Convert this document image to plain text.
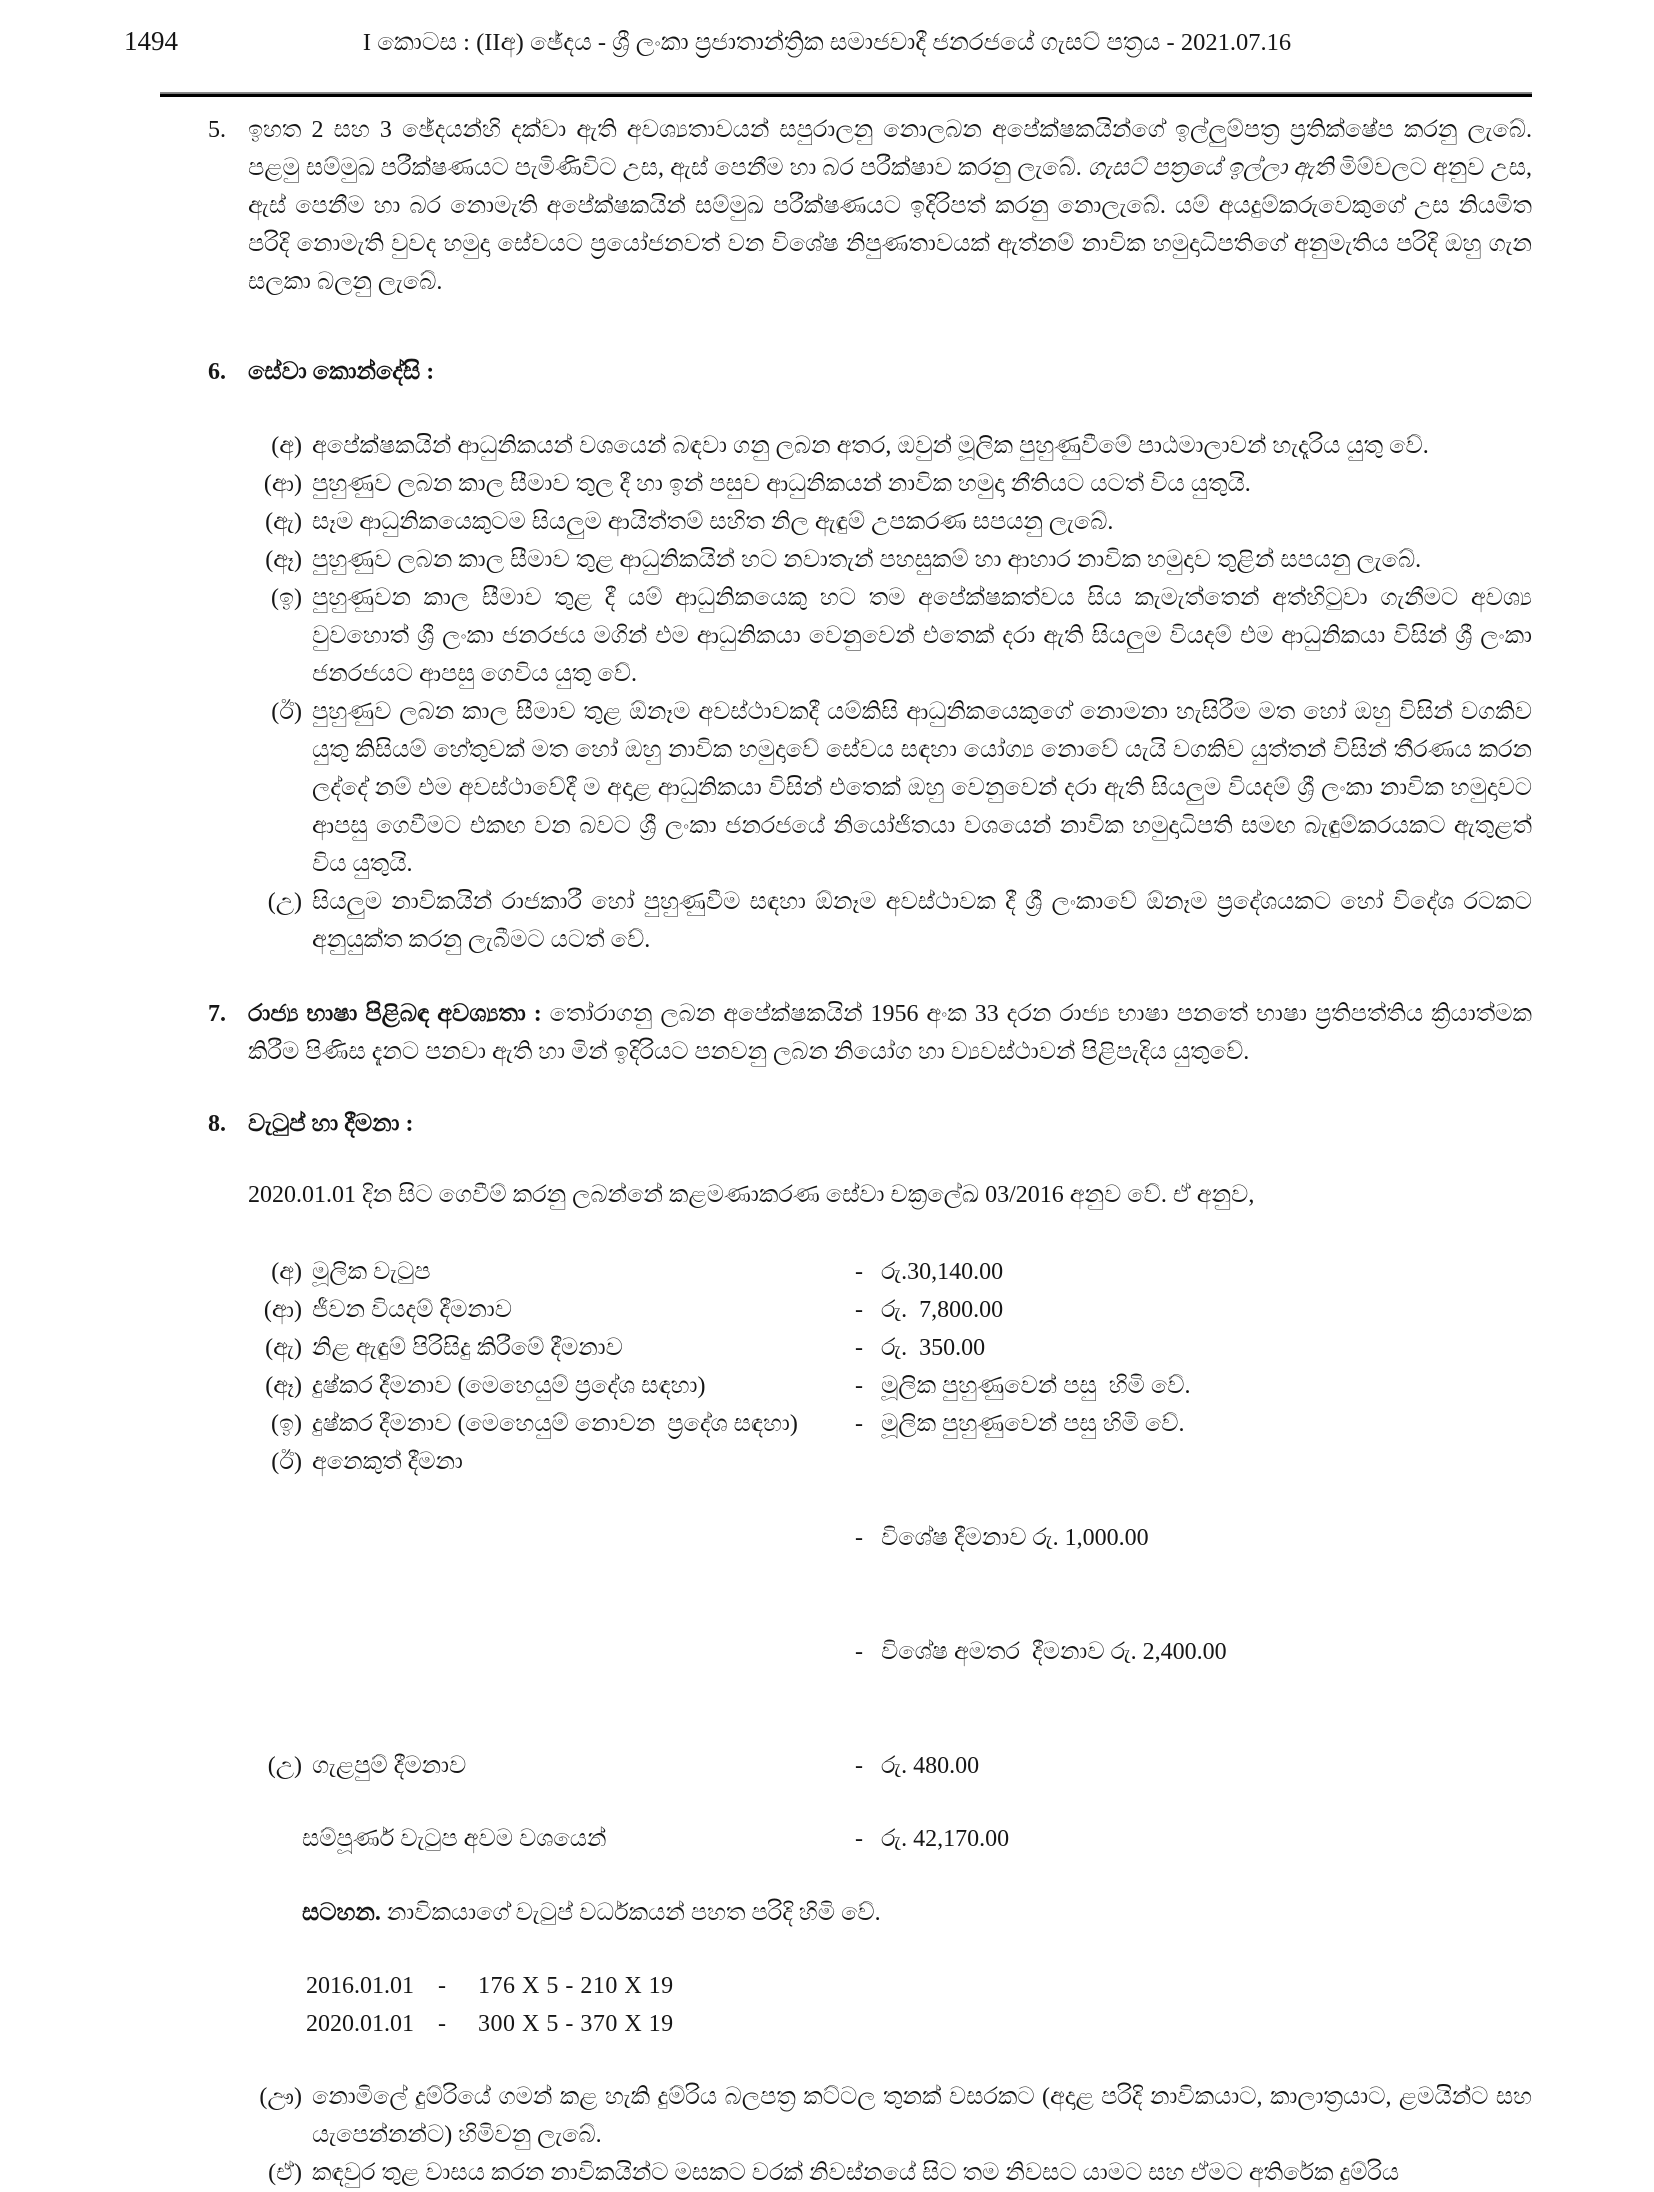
1494	I කොටස : (IIඅ) ඡේදය - ශ්‍රී ලංකා ප්‍රජාතාන්ත්‍රික සමාජවාදී ජනරජයේ ගැසට් පත්‍රය - 2021.07.16
5. ඉහත 2 සහ 3 ඡේදයන්හි දක්වා ඇති අවශ්‍යතාවයන් සපුරාලනු නොලබන අපේක්ෂකයින්ගේ ඉල්ලුම්පත්‍ර ප්‍රතික්ෂේප කරනු ලැබේ. පළමු සම්මුඛ පරීක්ෂණයට පැමිණිවිට උස, ඇස් පෙනීම හා බර පරීක්ෂාව කරනු ලැබේ. ගැසට් පත්‍රයේ ඉල්ලා ඇති මිම්වලට අනුව උස, ඇස් පෙනීම හා බර නොමැති අපේක්ෂකයින් සම්මුඛ පරීක්ෂණයට ඉදිරිපත් කරනු නොලැබේ. යම් අයදුම්කරුවෙකුගේ උස නියමිත පරිදි නොමැති වුවද හමුදා සේවයට ප්‍රයෝජනවත් වන විශේෂ නිපුණතාවයක් ඇත්නම් නාවික හමුදාධිපතිගේ අනුමැතිය පරිදි ඔහු ගැන සලකා බලනු ලැබේ.
6. සේවා කොන්දේසි :
(අ) අපේක්ෂකයින් ආධුනිකයන් වශයෙන් බඳවා ගනු ලබන අතර, ඔවුන් මූලික පුහුණුවීමේ පාඨමාලාවන් හැදෑරිය යුතු වේ.
(ආ) පුහුණුව ලබන කාල සීමාව තුල දී හා ඉන් පසුව ආධුනිකයන් නාවික හමුදා නීතියට යටත් විය යුතුයි.
(ඇ) සෑම ආධුනිකයෙකුටම සියලුම ආයිත්තම් සහිත නිල ඇඳුම් උපකරණ සපයනු ලැබේ.
(ඈ) පුහුණුව ලබන කාල සීමාව තුළ ආධුනිකයින් හට නවාතැන් පහසුකම් හා ආහාර නාවික හමුදාව තුළින් සපයනු ලැබේ.
(ඉ) පුහුණුවන කාල සීමාව තුළ දී යම් ආධුනිකයෙකු හට තම අපේක්ෂකත්වය සිය කැමැත්තෙන් අත්හිටුවා ගැනීමට අවශ්‍ය වුවහොත් ශ්‍රී ලංකා ජනරජය මගින් එම ආධුනිකයා වෙනුවෙන් එතෙක් දරා ඇති සියලුම වියදම් එම ආධුනිකයා විසින් ශ්‍රී ලංකා ජනරජයට ආපසු ගෙවිය යුතු වේ.
(ඊ) පුහුණුව ලබන කාල සීමාව තුළ ඕනෑම අවස්ථාවකදී යම්කිසි ආධුනිකයෙකුගේ නොමනා හැසිරීම මත හෝ ඔහු විසින් වගකිව යුතු කිසියම් හේතුවක් මත හෝ ඔහු නාවික හමුදාවේ සේවය සඳහා යෝග්‍ය නොවේ යැයි වගකිව යුත්තන් විසින් තීරණය කරන ලද්දේ නම් එම අවස්ථාවේදී ම අදාළ ආධුනිකයා විසින් එතෙක් ඔහු වෙනුවෙන් දරා ඇති සියලුම වියදම් ශ්‍රී ලංකා නාවික හමුදාවට ආපසු ගෙවීමට එකඟ වන බවට ශ්‍රී ලංකා ජනරජයේ නියෝජිතයා වශයෙන් නාවික හමුදාධිපති සමඟ බැඳුම්කරයකට ඇතුළත් විය යුතුයි.
(උ) සියලුම නාවිකයින් රාජකාරී හෝ පුහුණුවීම සඳහා ඕනෑම අවස්ථාවක දී ශ්‍රී ලංකාවේ ඕනෑම ප්‍රදේශයකට හෝ විදේශ රටකට අනුයුක්ත කරනු ලැබීමට යටත් වේ.
7. රාජ්‍ය භාෂා පිළිබඳ අවශ්‍යතා : තෝරාගනු ලබන අපේක්ෂකයින් 1956 අංක 33 දරන රාජ්‍ය භාෂා පනතේ භාෂා ප්‍රතිපත්තිය ක්‍රියාත්මක කිරීම පිණිස දැනට පනවා ඇති හා මින් ඉදිරියට පනවනු ලබන නියෝග හා ව්‍යවස්ථාවන් පිළිපැදිය යුතුවේ.
8. වැටුප් හා දීමනා :
2020.01.01 දින සිට ගෙවීම් කරනු ලබන්නේ කළමණාකරණ සේවා චක්‍රලේඛ 03/2016 අනුව වේ. ඒ අනුව,
(අ) මූලික වැටුප	- රු.30,140.00
(ආ) ජීවන වියදම් දීමනාව	- රු.  7,800.00
(ඇ) නිළ ඇඳුම් පිරිසිදු කිරීමේ දීමනාව	- රු.  350.00
(ඈ) දුෂ්කර දීමනාව (මෙහෙයුම් ප්‍රදේශ සඳහා)	- මූලික පුහුණුවෙන් පසු  හිමි වේ.
(ඉ) දුෂ්කර දීමනාව (මෙහෙයුම් නොවන  ප්‍රදේශ සඳහා)	- මූලික පුහුණුවෙන් පසු හිමි වේ.
(ඊ) අනෙකුත් දීමනා

- විශේෂ දීමනාව රු. 1,000.00

- විශේෂ අමතර  දීමනාව රු. 2,400.00

(උ) ගැළපුම් දීමනාව	- රු. 480.00
සම්පූර්ණ වැටුප අවම වශයෙන්	- රු. 42,170.00
සටහන. නාවිකයාගේ වැටුප් වර්ධකයන් පහත පරිදි හිමි වේ.
2016.01.01	-	176 X 5 - 210 X 19
2020.01.01	-	300 X 5 - 370 X 19
(ඌ) නොමිලේ දුම්රියේ ගමන් කළ හැකි දුම්රිය බලපත්‍ර කට්ටල තුනක් වසරකට (අදාළ පරිදි නාවිකයාට, කාලාත්‍රයාට, ළමයින්ට සහ යැපෙන්නන්ට) හිමිවනු ලැබේ.
(ඒ) කඳවුර තුළ වාසය කරන නාවිකයින්ට මසකට වරක් නිවස්නයේ සිට තම නිවසට යාමට සහ ඒමට අතිරේක දුම්රිය
